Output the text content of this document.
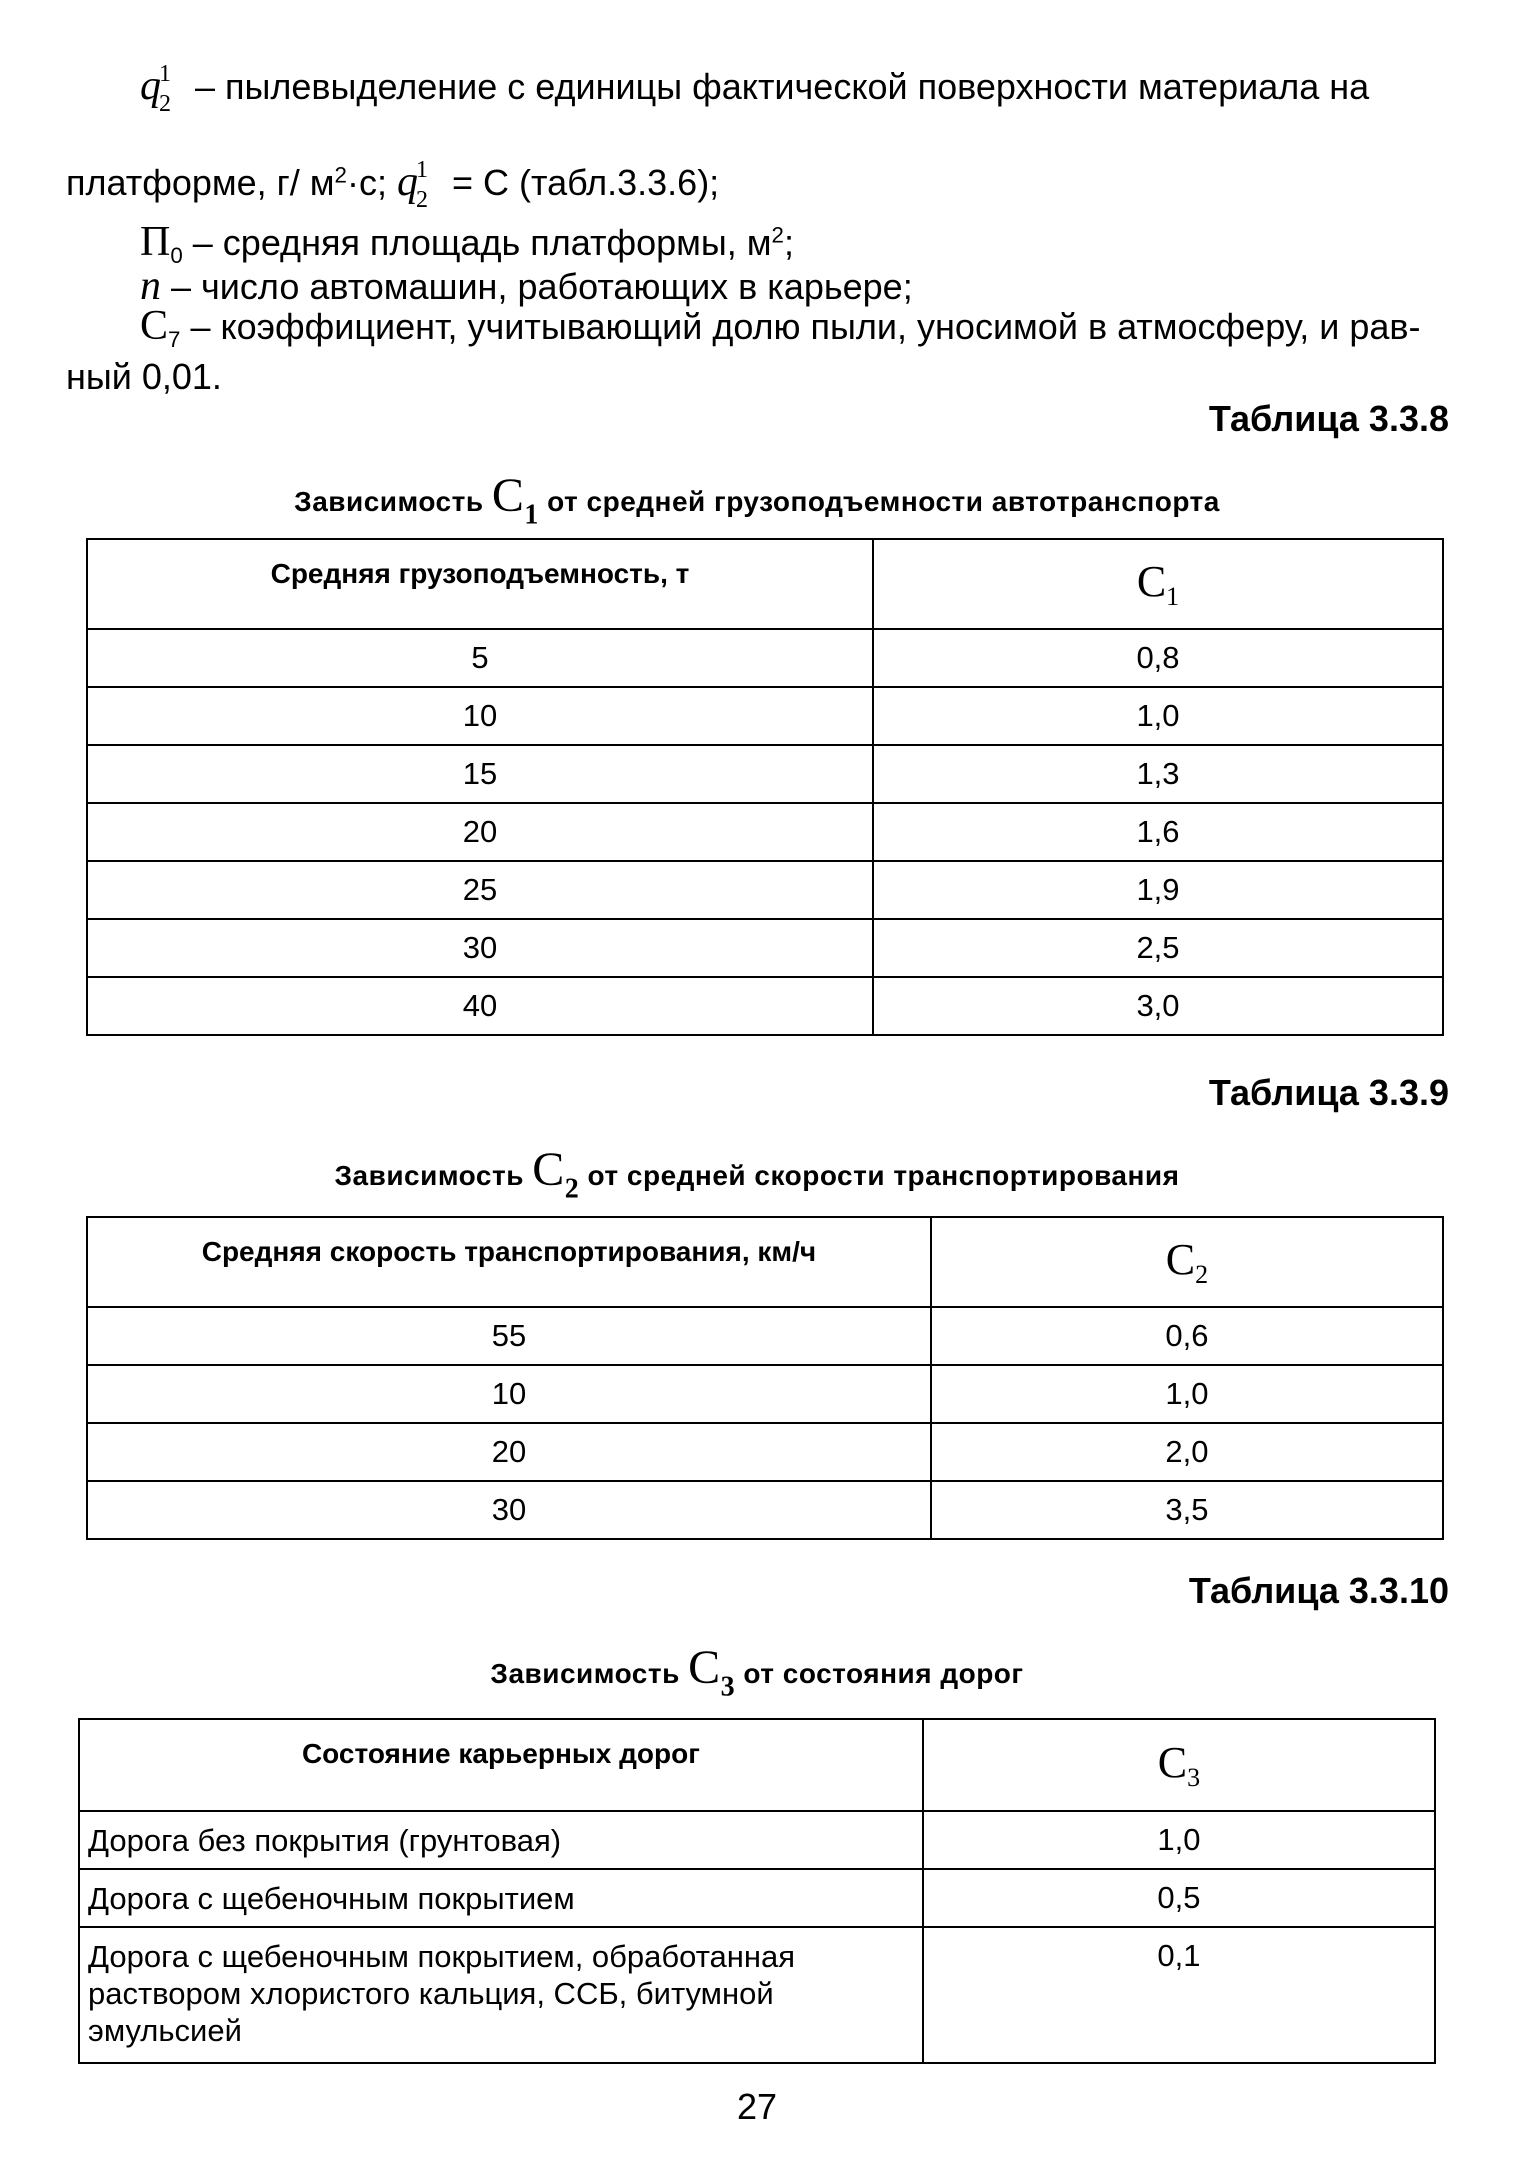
$q^1_2$ – пылевыделение с единицы фактической поверхности материала на
платформе, г/ $м^2\cdot с$; $q^1_2 = С$ (табл.3.3.6);
$П_0$ – средняя площадь платформы, $м^2$;
n – число автомашин, работающих в карьере;
$С_7$ – коэффициент, учитывающий долю пыли, уносимой в атмосферу, и рав-
ный 0,01.
Таблица 3.3.8
Зависимость С1 от средней грузоподъемности автотранспорта
Средняя грузоподъемность, т	$С_1$
5	0,8
10	1,0
15	1,3
20	1,6
25	1,9
30	2,5
40	3,0
Таблица 3.3.9
Зависимость С2 от средней скорости транспортирования
Средняя скорость транспортирования, км/ч	$С_2$
55	0,6
10	1,0
20	2,0
30	3,5
Таблица 3.3.10
Зависимость С3 от состояния дорог
Состояние карьерных дорог	$С_3$
Дорога без покрытия (грунтовая)	1,0
Дорога с щебеночным покрытием	0,5
Дорога с щебеночным покрытием, обработанная раствором хлористого кальция, ССБ, битумной эмульсией	0,1
27
